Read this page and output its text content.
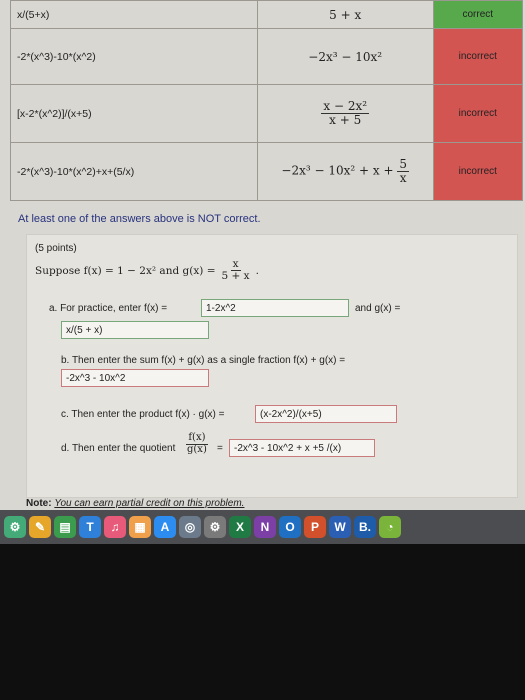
x/(5+x)	5 + x	correct
-2*(x^3)-10*(x^2)	−2x³ − 10x²	incorrect
[x-2*(x^2)]/(x+5)	$\frac{\text{x − 2x²}}{x + 5}$	incorrect
-2*(x^3)-10*(x^2)+x+(5/x)	$-2x^3 - 10x^2 + x + \frac{5}{x}$	incorrect
At least one of the answers above is NOT correct.
(5 points)
Suppose f(x) = 1 − 2x² and $g(x) = \frac{x}{5 + x}$ .
a. For practice, enter f(x) =	1-2x^2	and g(x) =
x/(5 + x)
b. Then enter the sum f(x) + g(x) as a single fraction f(x) + g(x) =
-2x^3 - 10x^2
c. Then enter the product f(x) · g(x) =	(x-2x^2)/(x+5)
d. Then enter the quotient $\frac{f(x)}{g(x)}$ =	-2x^3 - 10x^2 + x +5 /(x)
Note: You can earn partial credit on this problem.
⚙	✎	▤	T	♫	▦	A	◎	⚙	X	N	O	P	W	B.	◔
